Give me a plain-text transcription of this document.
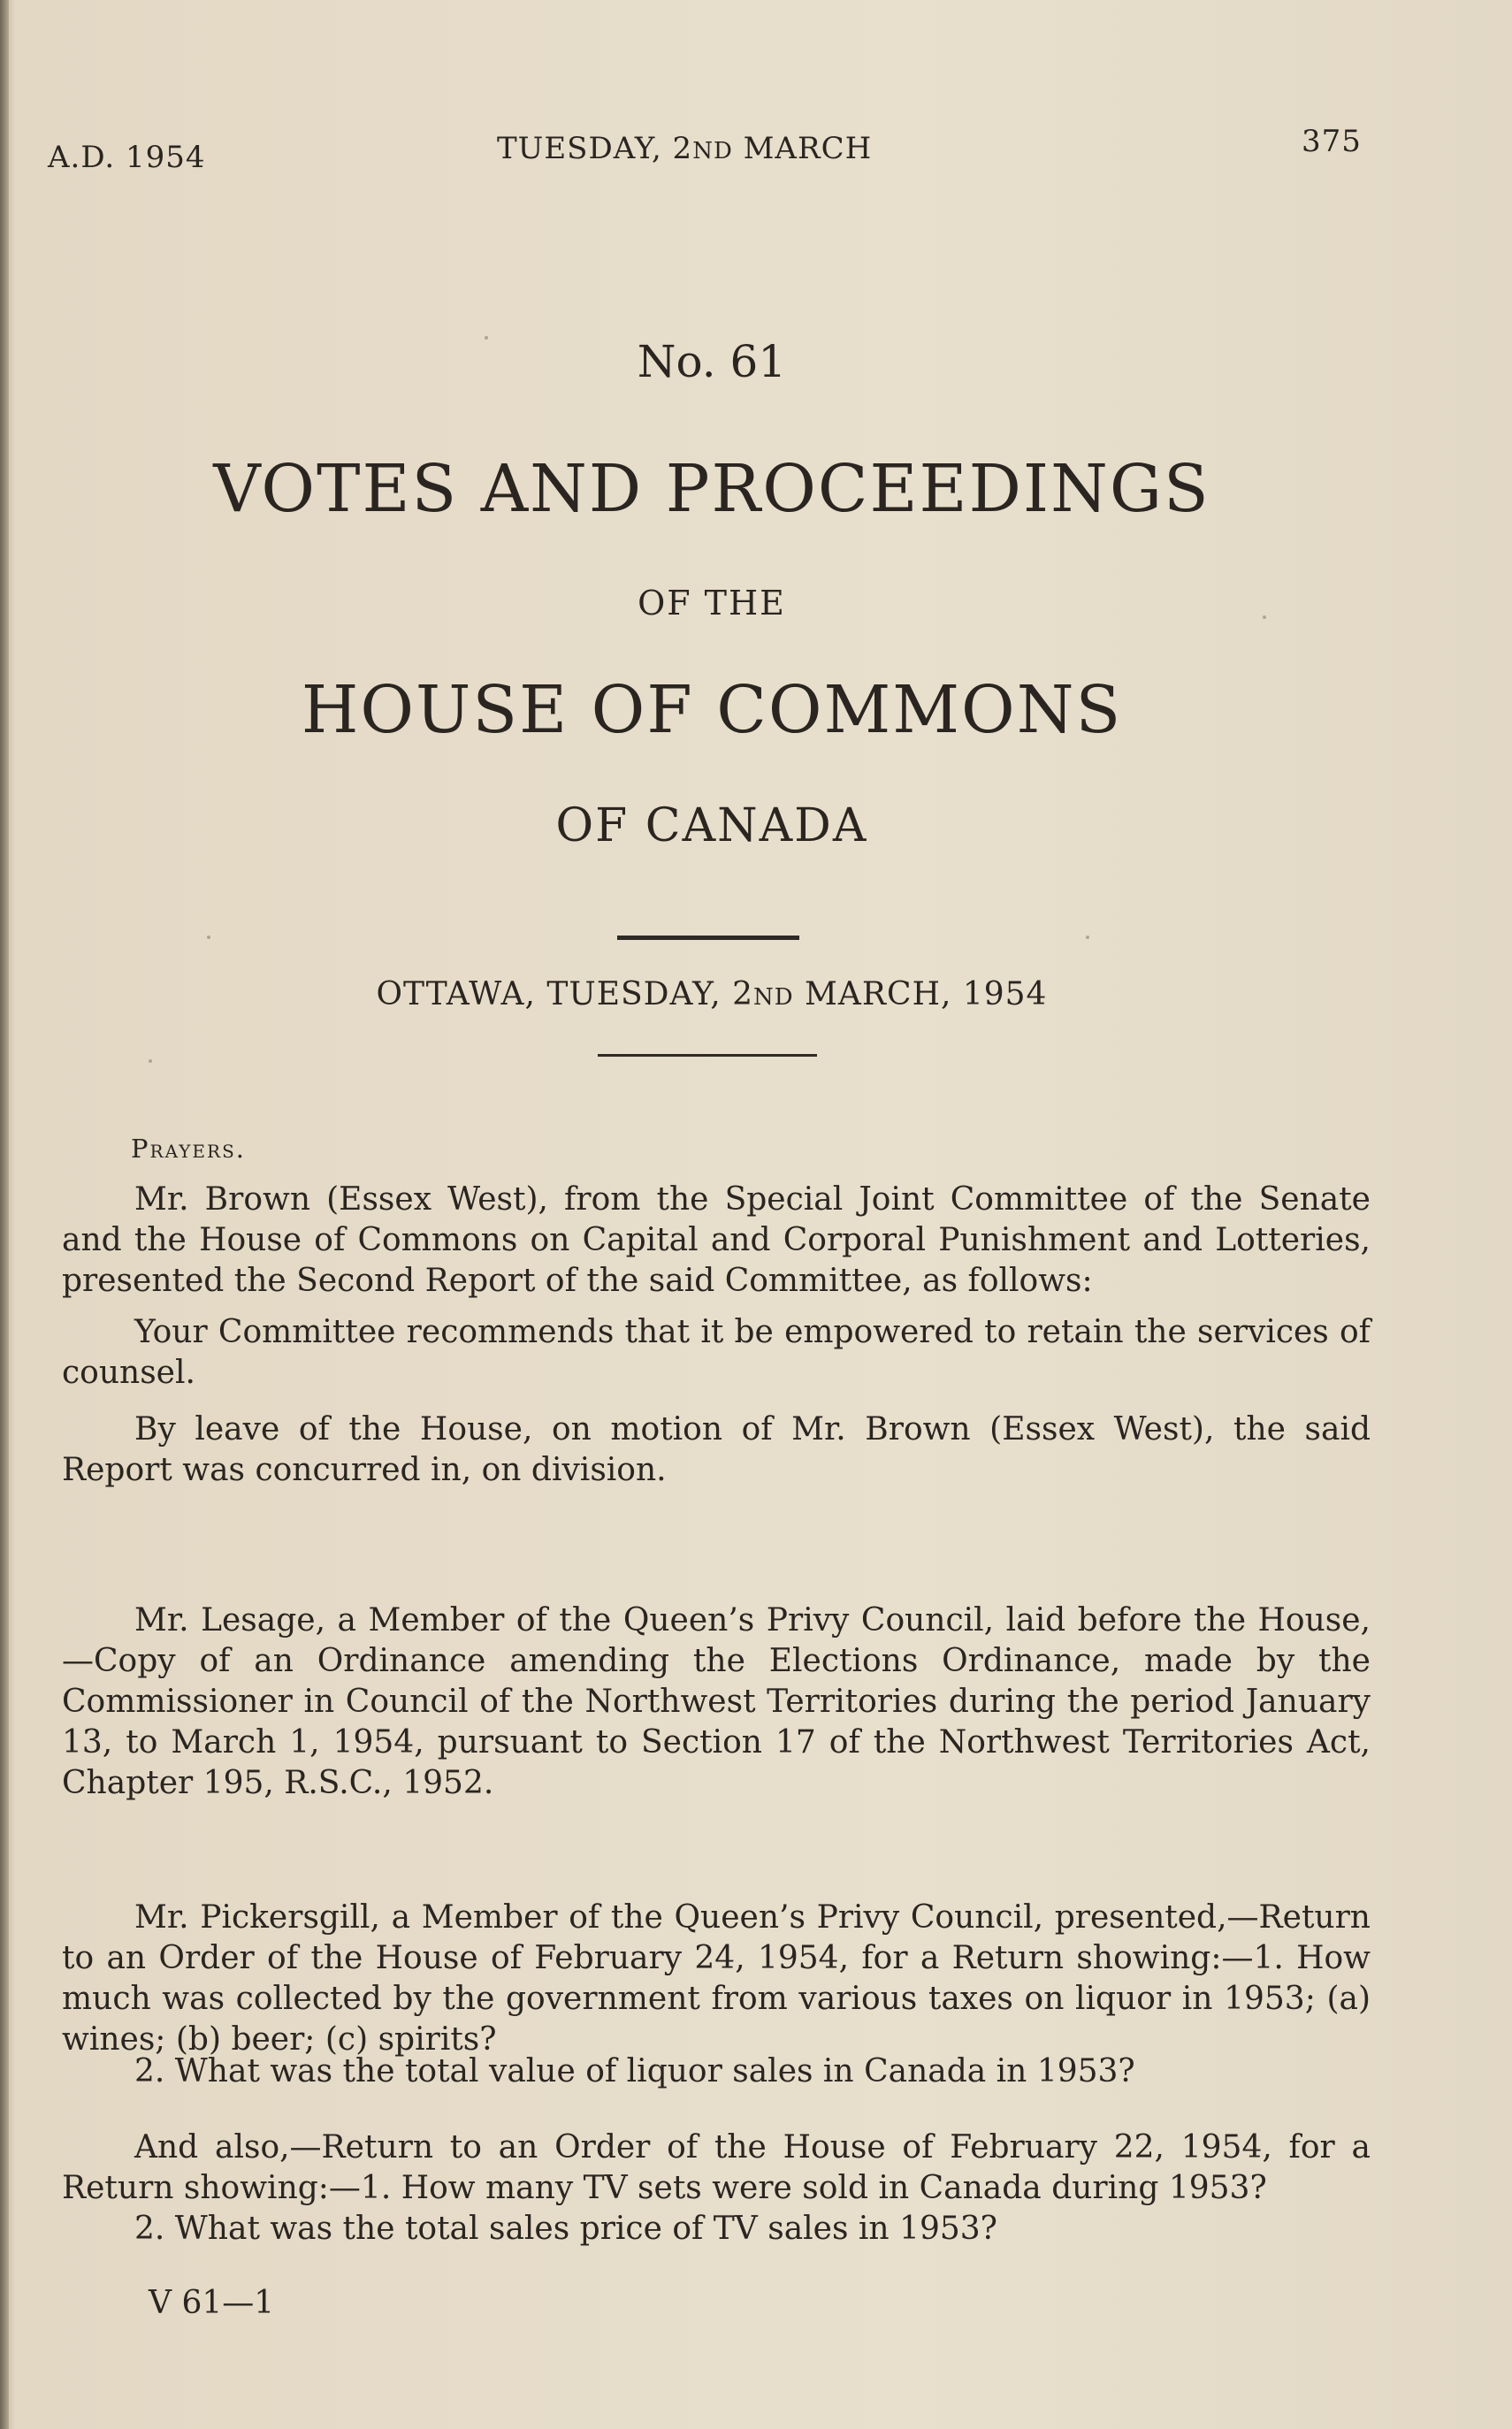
A.D. 1954	TUESDAY, 2ND MARCH	375
No. 61
VOTES AND PROCEEDINGS
OF THE
HOUSE OF COMMONS
OF CANADA
OTTAWA, TUESDAY, 2ND MARCH, 1954
Prayers.

Mr. Brown (Essex West), from the Special Joint Committee of the Senate and the House of Commons on Capital and Corporal Punishment and Lotteries, presented the Second Report of the said Committee, as follows:

Your Committee recommends that it be empowered to retain the services of counsel.

By leave of the House, on motion of Mr. Brown (Essex West), the said Report was concurred in, on division.

Mr. Lesage, a Member of the Queen’s Privy Council, laid before the House,—Copy of an Ordinance amending the Elections Ordinance, made by the Commissioner in Council of the Northwest Territories during the period January 13, to March 1, 1954, pursuant to Section 17 of the Northwest Territories Act, Chapter 195, R.S.C., 1952.

Mr. Pickersgill, a Member of the Queen’s Privy Council, presented,—Return to an Order of the House of February 24, 1954, for a Return showing:—1. How much was collected by the government from various taxes on liquor in 1953; (a) wines; (b) beer; (c) spirits?

2. What was the total value of liquor sales in Canada in 1953?

And also,—Return to an Order of the House of February 22, 1954, for a Return showing:—1. How many TV sets were sold in Canada during 1953?

2. What was the total sales price of TV sales in 1953?

V 61—1
